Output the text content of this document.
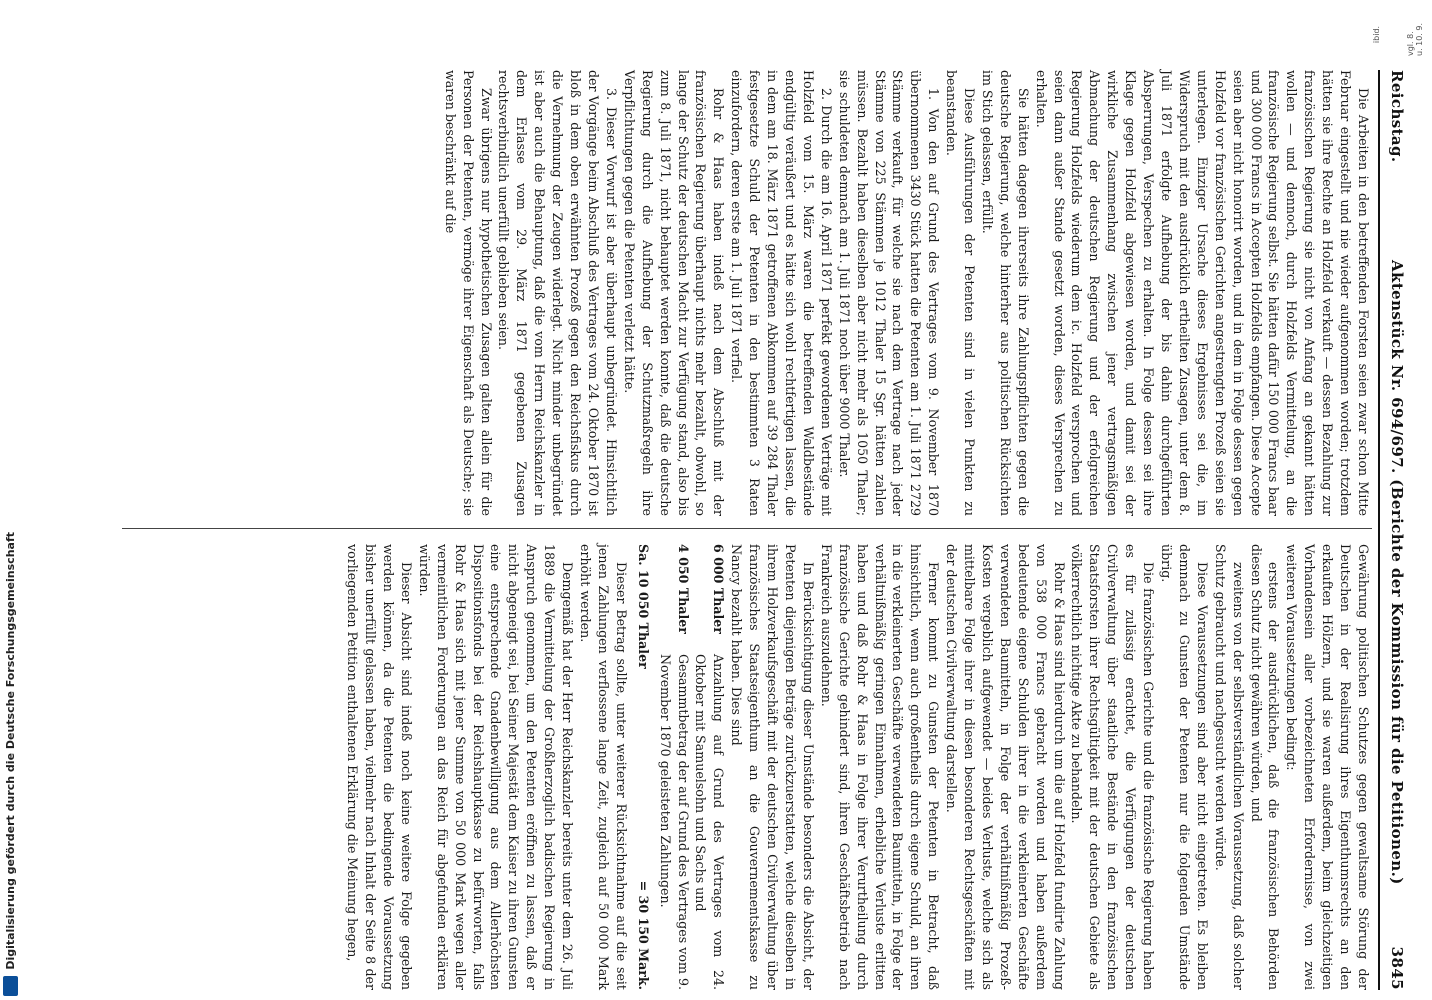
Digitalisierung gefördert durch die Deutsche Forschungsgemeinschaft
vgl. 8. u. 10. 9.
ibid.
Reichstag.
Aktenstück Nr. 694/697. (Berichte der Kommission für die Petitionen.)
3845

Die Arbeiten in den betreffenden Forsten seien zwar schon Mitte Februar eingestellt und nie wieder aufgenommen worden; trotzdem hätten sie ihre Rechte an Holzfeld verkauft — dessen Bezahlung zur französischen Regierung sie nicht von Anfang an gekannt hätten wollen — und dennoch, durch Holzfelds Vermittelung, an die französische Regierung selbst. Sie hätten dafür 150 000 Francs baar und 300 000 Francs in Accepten Holzfelds empfangen. Diese Accepte seien aber nicht honorirt worden, und in dem in Folge dessen gegen Holzfeld vor französischen Gerichten angestrengten Prozeß seien sie unterlegen. Einziger Ursache dieses Ergebnisses sei die, im Widerspruch mit den ausdrücklich ertheilten Zusagen, unter dem 8. Juli 1871 erfolgte Aufhebung der bis dahin durchgeführten Absperrungen, Verspechen zu erhalten. In Folge dessen sei ihre Klage gegen Holzfeld abgewiesen worden, und damit sei der wirkliche Zusammenhang zwischen jener vertragsmäßigen Abmachung der deutschen Regierung und der erfolgreichen Regierung Holzfelds wiederum dem ic. Holzfeld versprochen und seien dann außer Stande gesetzt worden, dieses Versprechen zu erhalten.

Sie hätten dagegen ihrerseits ihre Zahlungspflichten gegen die deutsche Regierung, welche hinterher aus politischen Rücksichten im Stich gelassen, erfüllt.

Diese Ausführungen der Petenten sind in vielen Punkten zu beanstanden.

1. Von den auf Grund des Vertrages vom 9. November 1870 übernommenen 3430 Stück hatten die Petenten am 1. Juli 1871 2729 Stämme verkauft, für welche sie nach dem Vertrage nach jeder Stämme von 225 Stämmen je 1012 Thaler 15 Sgr. hätten zahlen müssen. Bezahlt haben dieselben aber nicht mehr als 1050 Thaler; sie schuldeten demnach am 1. Juli 1871 noch über 9000 Thaler.

2. Durch die am 16. April 1871 perfekt gewordenen Verträge mit Holzfeld vom 15. März waren die betreffenden Waldbestände endgültig veräußert und es hätte sich wohl rechtfertigen lassen, die in dem am 18. März 1871 getroffenen Abkommen auf 39 284 Thaler festgesetzte Schuld der Petenten in den bestimmten 3 Raten einzufordern, deren erste am 1. Juli 1871 verfiel.

Rohr & Haas haben indeß nach dem Abschluß mit der französischen Regierung überhaupt nichts mehr bezahlt, obwohl, so lange der Schutz der deutschen Macht zur Verfügung stand, also bis zum 8. Juli 1871, nicht behauptet werden konnte, daß die deutsche Regierung durch die Aufhebung der Schutzmaßregeln ihre Verpflichtungen gegen die Petenten verletzt hätte.

3. Dieser Vorwurf ist aber überhaupt unbegründet. Hinsichtlich der Vorgänge beim Abschluß des Vertrages vom 24. Oktober 1870 ist bloß in dem oben erwähnten Prozeß gegen den Reichsfiskus durch die Vernehmung der Zeugen widerlegt. Nicht minder unbegründet ist aber auch die Behauptung, daß die vom Herrn Reichskanzler in dem Erlasse vom 29. März 1871 gegebenen Zusagen rechtsverbindlich unerfüllt geblieben seien.

Zwar übrigens nur hypothetischen Zusagen galten allein für die Personen der Petenten, vermöge ihrer Eigenschaft als Deutsche; sie waren beschränkt auf die

Gewährung politischen Schutzes gegen gewaltsame Störung der Deutschen in der Realisirung ihres Eigenthumsrechts an den erkauften Hölzern, und sie waren außerdem, beim gleichzeitigen Vorhandensein aller vorbezeichneten Erfordernisse, von zwei weiteren Voraussetzungen bedingt:

erstens der ausdrücklichen, daß die französischen Behörden diesen Schutz nicht gewähren würden, und

zweitens von der selbstverständlichen Voraussetzung, daß solcher Schutz gebraucht und nachgesucht werden würde.

Diese Voraussetzungen sind aber nicht eingetreten. Es bleiben demnach zu Gunsten der Petenten nur die folgenden Umstände übrig.

Die französischen Gerichte und die französische Regierung haben es für zulässig erachtet, die Verfügungen der deutschen Civilverwaltung über staatliche Bestände in den französischen Staatsforsten ihrer Rechtsgültigkeit mit der deutschen Gebiete als völkerrechtlich nichtige Akte zu behandeln.

Rohr & Haas sind hierdurch um die auf Holzfeld fundirte Zahlung von 538 000 Francs gebracht worden und haben außerdem bedeutende eigene Schulden ihrer in die verkleinerten Geschäfte verwendeten Baumitteln, in Folge der verhältnißmäßig Prozeß-Kosten vergeblich aufgewendet — beides Verluste, welche sich als mittelbare Folge ihrer in diesen besonderen Rechtsgeschäften mit der deutschen Civilverwaltung darstellen.

Ferner kommt zu Gunsten der Petenten in Betracht, daß hinsichtlich, wenn auch großentheils durch eigene Schuld, an ihren in die verkleinerten Geschäfte verwendeten Baumitteln, in Folge der verhältnißmäßig geringen Einnahmen, erhebliche Verluste erlitten haben und daß Rohr & Haas in Folge ihrer Verurtheilung durch französische Gerichte gehindert sind, ihren Geschäftsbetrieb nach Frankreich auszudehnen.

In Berücksichtigung dieser Umstände besonders die Absicht, der Petenten diejenigen Beträge zurückzuerstatten, welche dieselben in ihrem Holzverkaufsgeschäft mit der deutschen Civilverwaltung über französisches Staatseigenthum an die Gouvernementskasse zu Nancy bezahlt haben. Dies sind

6 000 Thaler
Anzahlung auf Grund des Vertrages vom 24. Oktober mit Samuelsohn und Sachs und

4 050 Thaler
Gesammtbetrag der auf Grund des Vertrages vom 9. November 1870 geleisteten Zahlungen.

Sa. 10 050 Thaler
= 30 150 Mark.

Dieser Betrag sollte, unter weiterer Rücksichtnahme auf die seit jenen Zahlungen verflossene lange Zeit, zugleich auf 50 000 Mark erhöht werden.

Demgemäß hat der Herr Reichskanzler bereits unter dem 26. Juli 1889 die Vermittelung der Großherzoglich badischen Regierung in Anspruch genommen, um den Petenten eröffnen zu lassen, daß er nicht abgeneigt sei, bei Seiner Majestät dem Kaiser zu ihren Gunsten eine entsprechende Gnadenbewilligung aus dem Allerhöchsten Dispositionsfonds bei der Reichshauptkasse zu befürworten, falls Rohr & Haas sich mit jener Summe von 50 000 Mark wegen aller vermeintlichen Forderungen an das Reich für abgefunden erklären würden.

Dieser Absicht sind indeß noch keine weitere Folge gegeben werden können, da die Petenten die bedingende Voraussetzung bisher unerfüllt gelassen haben, vielmehr nach Inhalt der Seite 8 der vorliegenden Petition enthaltenen Erklärung die Meinung hegen,
